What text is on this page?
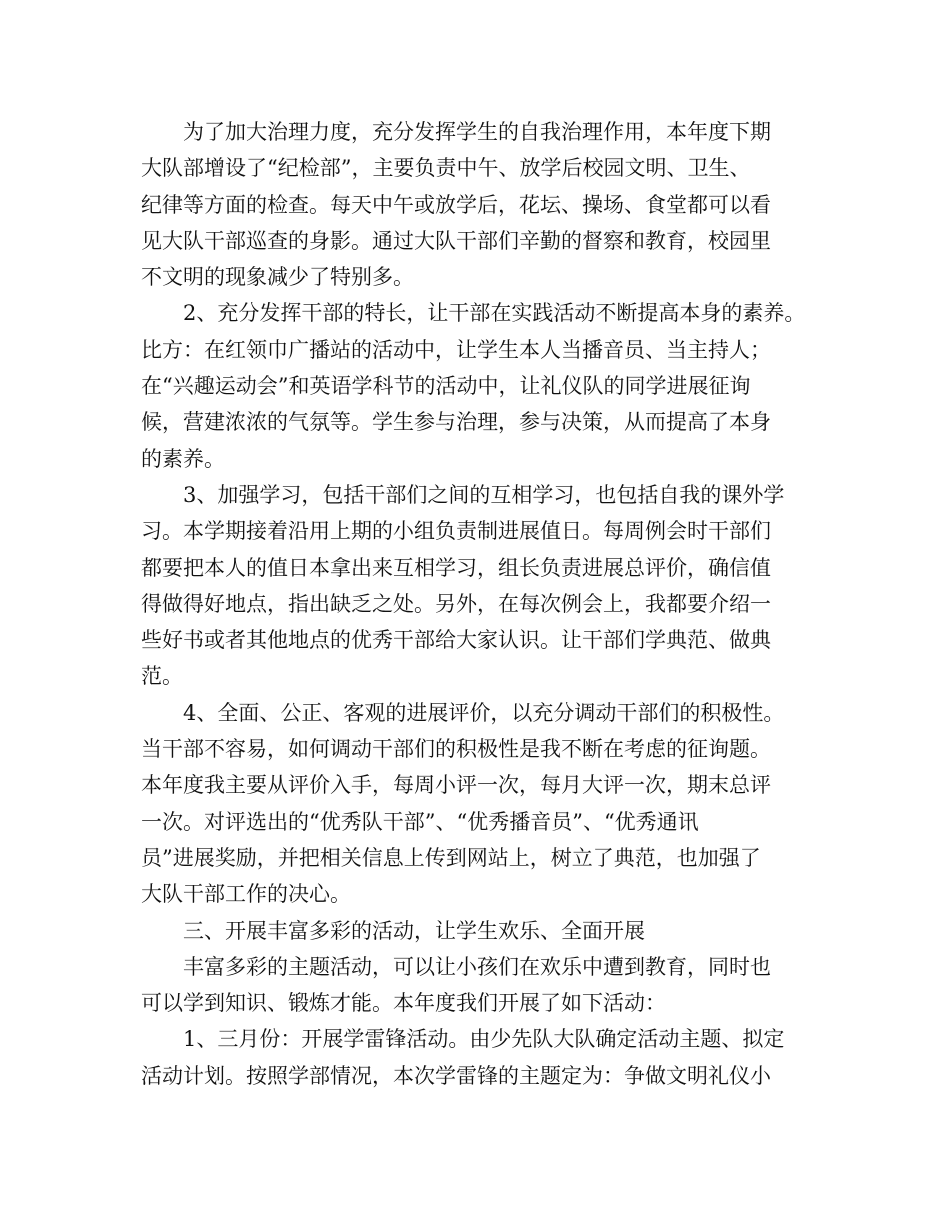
为了加大治理力度，充分发挥学生的自我治理作用，本年度下期
大队部增设了“纪检部”，主要负责中午、放学后校园文明、卫生、
纪律等方面的检查。每天中午或放学后，花坛、操场、食堂都可以看
见大队干部巡查的身影。通过大队干部们辛勤的督察和教育，校园里
不文明的现象减少了特别多。
2、充分发挥干部的特长，让干部在实践活动不断提高本身的素养。
比方：在红领巾广播站的活动中，让学生本人当播音员、当主持人；
在“兴趣运动会”和英语学科节的活动中，让礼仪队的同学进展征询
候，营建浓浓的气氛等。学生参与治理，参与决策，从而提高了本身
的素养。
3、加强学习，包括干部们之间的互相学习，也包括自我的课外学
习。本学期接着沿用上期的小组负责制进展值日。每周例会时干部们
都要把本人的值日本拿出来互相学习，组长负责进展总评价，确信值
得做得好地点，指出缺乏之处。另外，在每次例会上，我都要介绍一
些好书或者其他地点的优秀干部给大家认识。让干部们学典范、做典
范。
4、全面、公正、客观的进展评价，以充分调动干部们的积极性。
当干部不容易，如何调动干部们的积极性是我不断在考虑的征询题。
本年度我主要从评价入手，每周小评一次，每月大评一次，期末总评
一次。对评选出的“优秀队干部”、“优秀播音员”、“优秀通讯
员”进展奖励，并把相关信息上传到网站上，树立了典范，也加强了
大队干部工作的决心。
三、开展丰富多彩的活动，让学生欢乐、全面开展
丰富多彩的主题活动，可以让小孩们在欢乐中遭到教育，同时也
可以学到知识、锻炼才能。本年度我们开展了如下活动：
1、三月份：开展学雷锋活动。由少先队大队确定活动主题、拟定
活动计划。按照学部情况，本次学雷锋的主题定为：争做文明礼仪小
